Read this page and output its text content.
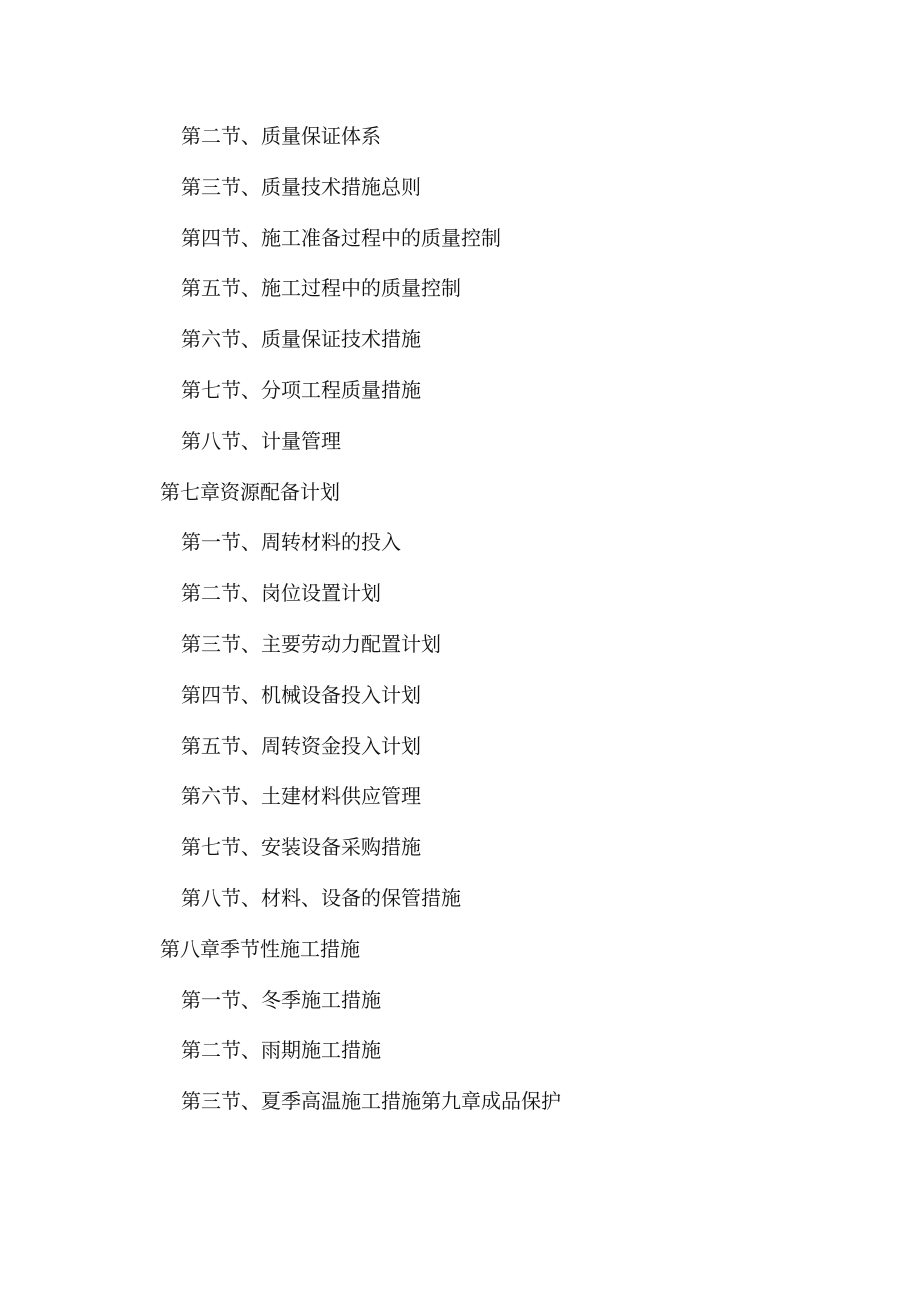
第二节、质量保证体系
第三节、质量技术措施总则
第四节、施工准备过程中的质量控制
第五节、施工过程中的质量控制
第六节、质量保证技术措施
第七节、分项工程质量措施
第八节、计量管理
第七章资源配备计划
第一节、周转材料的投入
第二节、岗位设置计划
第三节、主要劳动力配置计划
第四节、机械设备投入计划
第五节、周转资金投入计划
第六节、土建材料供应管理
第七节、安装设备采购措施
第八节、材料、设备的保管措施
第八章季节性施工措施
第一节、冬季施工措施
第二节、雨期施工措施
第三节、夏季高温施工措施第九章成品保护
